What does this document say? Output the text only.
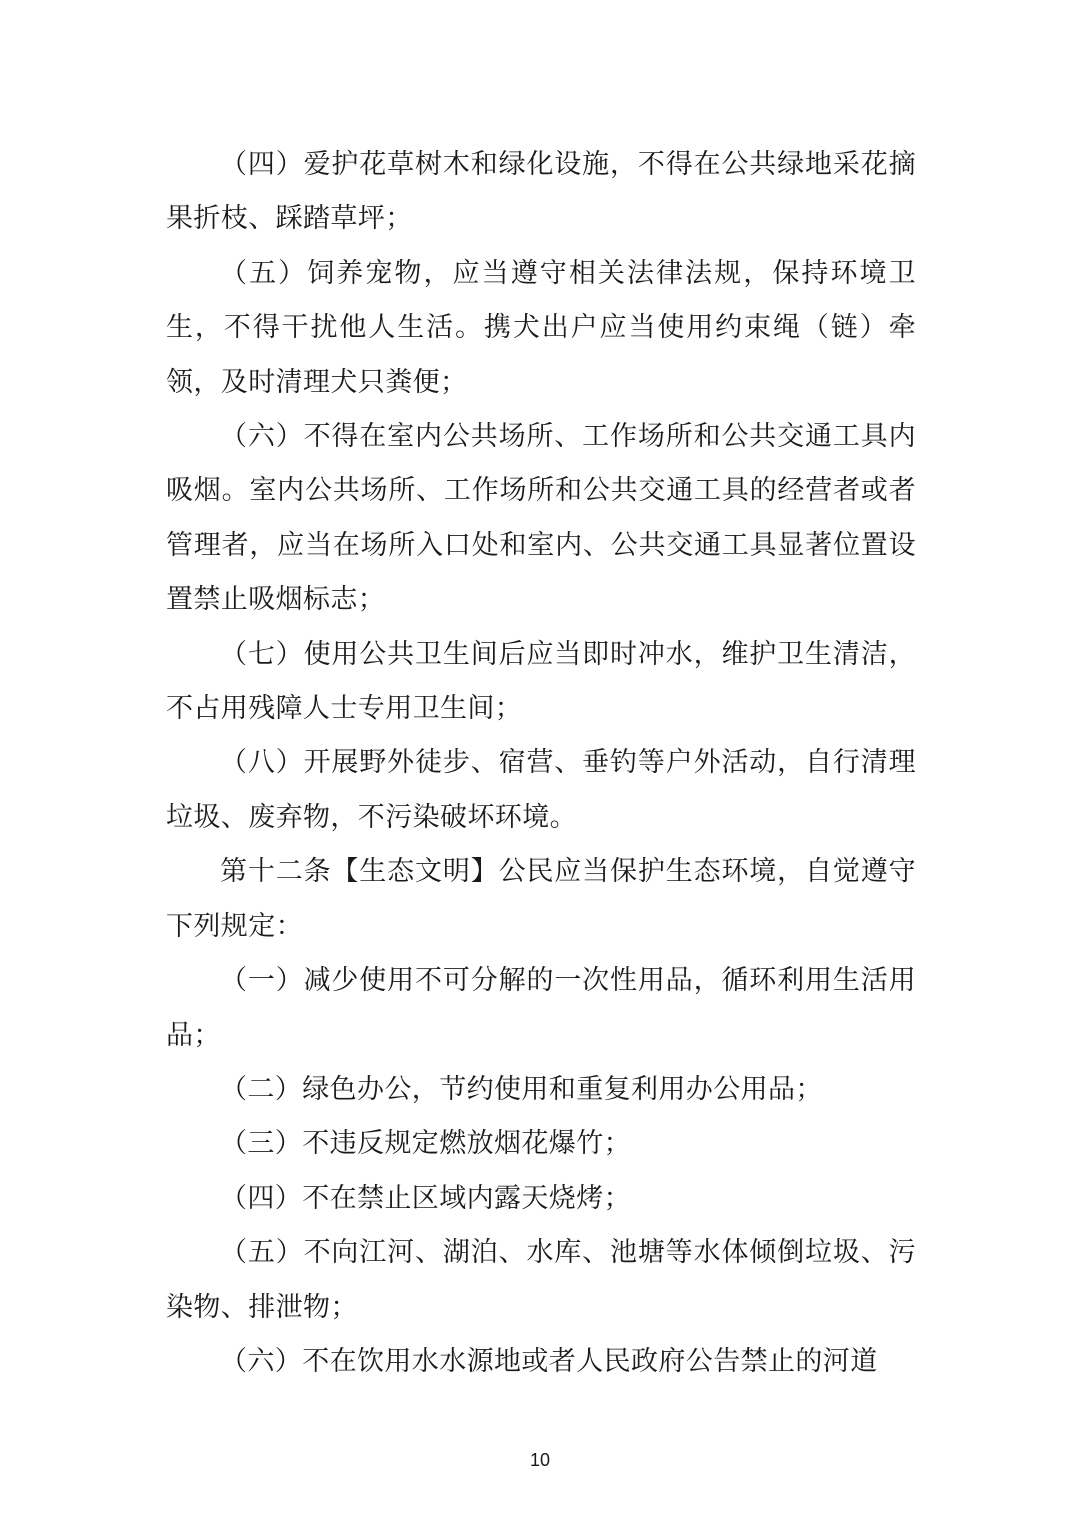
（四）爱护花草树木和绿化设施，不得在公共绿地采花摘果折枝、踩踏草坪；

（五）饲养宠物，应当遵守相关法律法规，保持环境卫生，不得干扰他人生活。携犬出户应当使用约束绳（链）牵领，及时清理犬只粪便；

（六）不得在室内公共场所、工作场所和公共交通工具内吸烟。室内公共场所、工作场所和公共交通工具的经营者或者管理者，应当在场所入口处和室内、公共交通工具显著位置设置禁止吸烟标志；

（七）使用公共卫生间后应当即时冲水，维护卫生清洁，不占用残障人士专用卫生间；

（八）开展野外徒步、宿营、垂钓等户外活动，自行清理垃圾、废弃物，不污染破坏环境。

第十二条【生态文明】公民应当保护生态环境，自觉遵守下列规定：

（一）减少使用不可分解的一次性用品，循环利用生活用品；

（二）绿色办公，节约使用和重复利用办公用品；

（三）不违反规定燃放烟花爆竹；

（四）不在禁止区域内露天烧烤；

（五）不向江河、湖泊、水库、池塘等水体倾倒垃圾、污染物、排泄物；

（六）不在饮用水水源地或者人民政府公告禁止的河道

10
